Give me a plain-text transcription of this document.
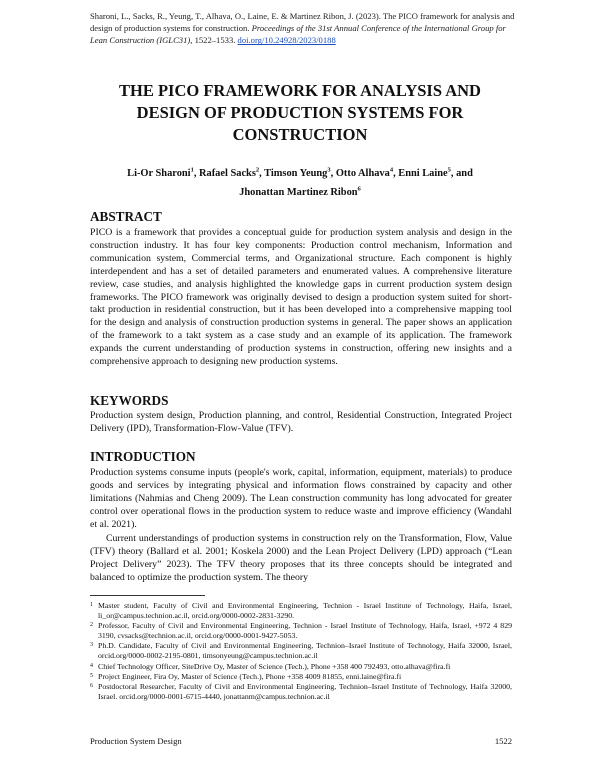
Sharoni, L., Sacks, R., Yeung, T., Alhava, O., Laine, E. & Martinez Ribon, J. (2023). The PICO framework for analysis and design of production systems for construction. Proceedings of the 31st Annual Conference of the International Group for Lean Construction (IGLC31), 1522–1533. doi.org/10.24928/2023/0188
THE PICO FRAMEWORK FOR ANALYSIS AND DESIGN OF PRODUCTION SYSTEMS FOR CONSTRUCTION
Li-Or Sharoni$^1$, Rafael Sacks$^2$, Timson Yeung$^3$, Otto Alhava$^4$, Enni Laine$^5$, and
Jhonattan Martinez Ribon$^6$
ABSTRACT

PICO is a framework that provides a conceptual guide for production system analysis and design in the construction industry. It has four key components: Production control mechanism, Information and communication system, Commercial terms, and Organizational structure. Each component is highly interdependent and has a set of detailed parameters and enumerated values. A comprehensive literature review, case studies, and analysis highlighted the knowledge gaps in current production system design frameworks. The PICO framework was originally devised to design a production system suited for short-takt production in residential construction, but it has been developed into a comprehensive mapping tool for the design and analysis of construction production systems in general. The paper shows an application of the framework to a takt system as a case study and an example of its application. The framework expands the current understanding of production systems in construction, offering new insights and a comprehensive approach to designing new production systems.

KEYWORDS

Production system design, Production planning, and control, Residential Construction, Integrated Project Delivery (IPD), Transformation-Flow-Value (TFV).

INTRODUCTION

Production systems consume inputs (people's work, capital, information, equipment, materials) to produce goods and services by integrating physical and information flows constrained by capacity and other limitations (Nahmias and Cheng 2009). The Lean construction community has long advocated for greater control over operational flows in the production system to reduce waste and improve efficiency (Wandahl et al. 2021).

Current understandings of production systems in construction rely on the Transformation, Flow, Value (TFV) theory (Ballard et al. 2001; Koskela 2000) and the Lean Project Delivery (LPD) approach (“Lean Project Delivery” 2023). The TFV theory proposes that its three concepts should be integrated and balanced to optimize the production system. The theory

1 Master student, Faculty of Civil and Environmental Engineering, Technion - Israel Institute of Technology, Haifa, Israel, li_or@campus.technion.ac.il, orcid.org/0000-0002-2831-3290.
2 Professor, Faculty of Civil and Environmental Engineering, Technion - Israel Institute of Technology, Haifa, Israel, +972 4 829 3190, cvsacks@technion.ac.il, orcid.org/0000-0001-9427-5053.
3 Ph.D. Candidate, Faculty of Civil and Environmental Engineering, Technion–Israel Institute of Technology, Haifa 32000, Israel, orcid.org/0000-0002-2195-0801, timsonyeung@campus.technion.ac.il
4 Chief Technology Officer, SiteDrive Oy, Master of Science (Tech.), Phone +358 400 792493, otto.alhava@fira.fi
5 Project Engineer, Fira Oy, Master of Science (Tech.), Phone +358 4009 81855, enni.laine@fira.fi
6 Postdoctoral Researcher, Faculty of Civil and Environmental Engineering, Technion–Israel Institute of Technology, Haifa 32000, Israel. orcid.org/0000-0001-6715-4440, jonattanm@campus.technion.ac.il
Production System Design	1522
